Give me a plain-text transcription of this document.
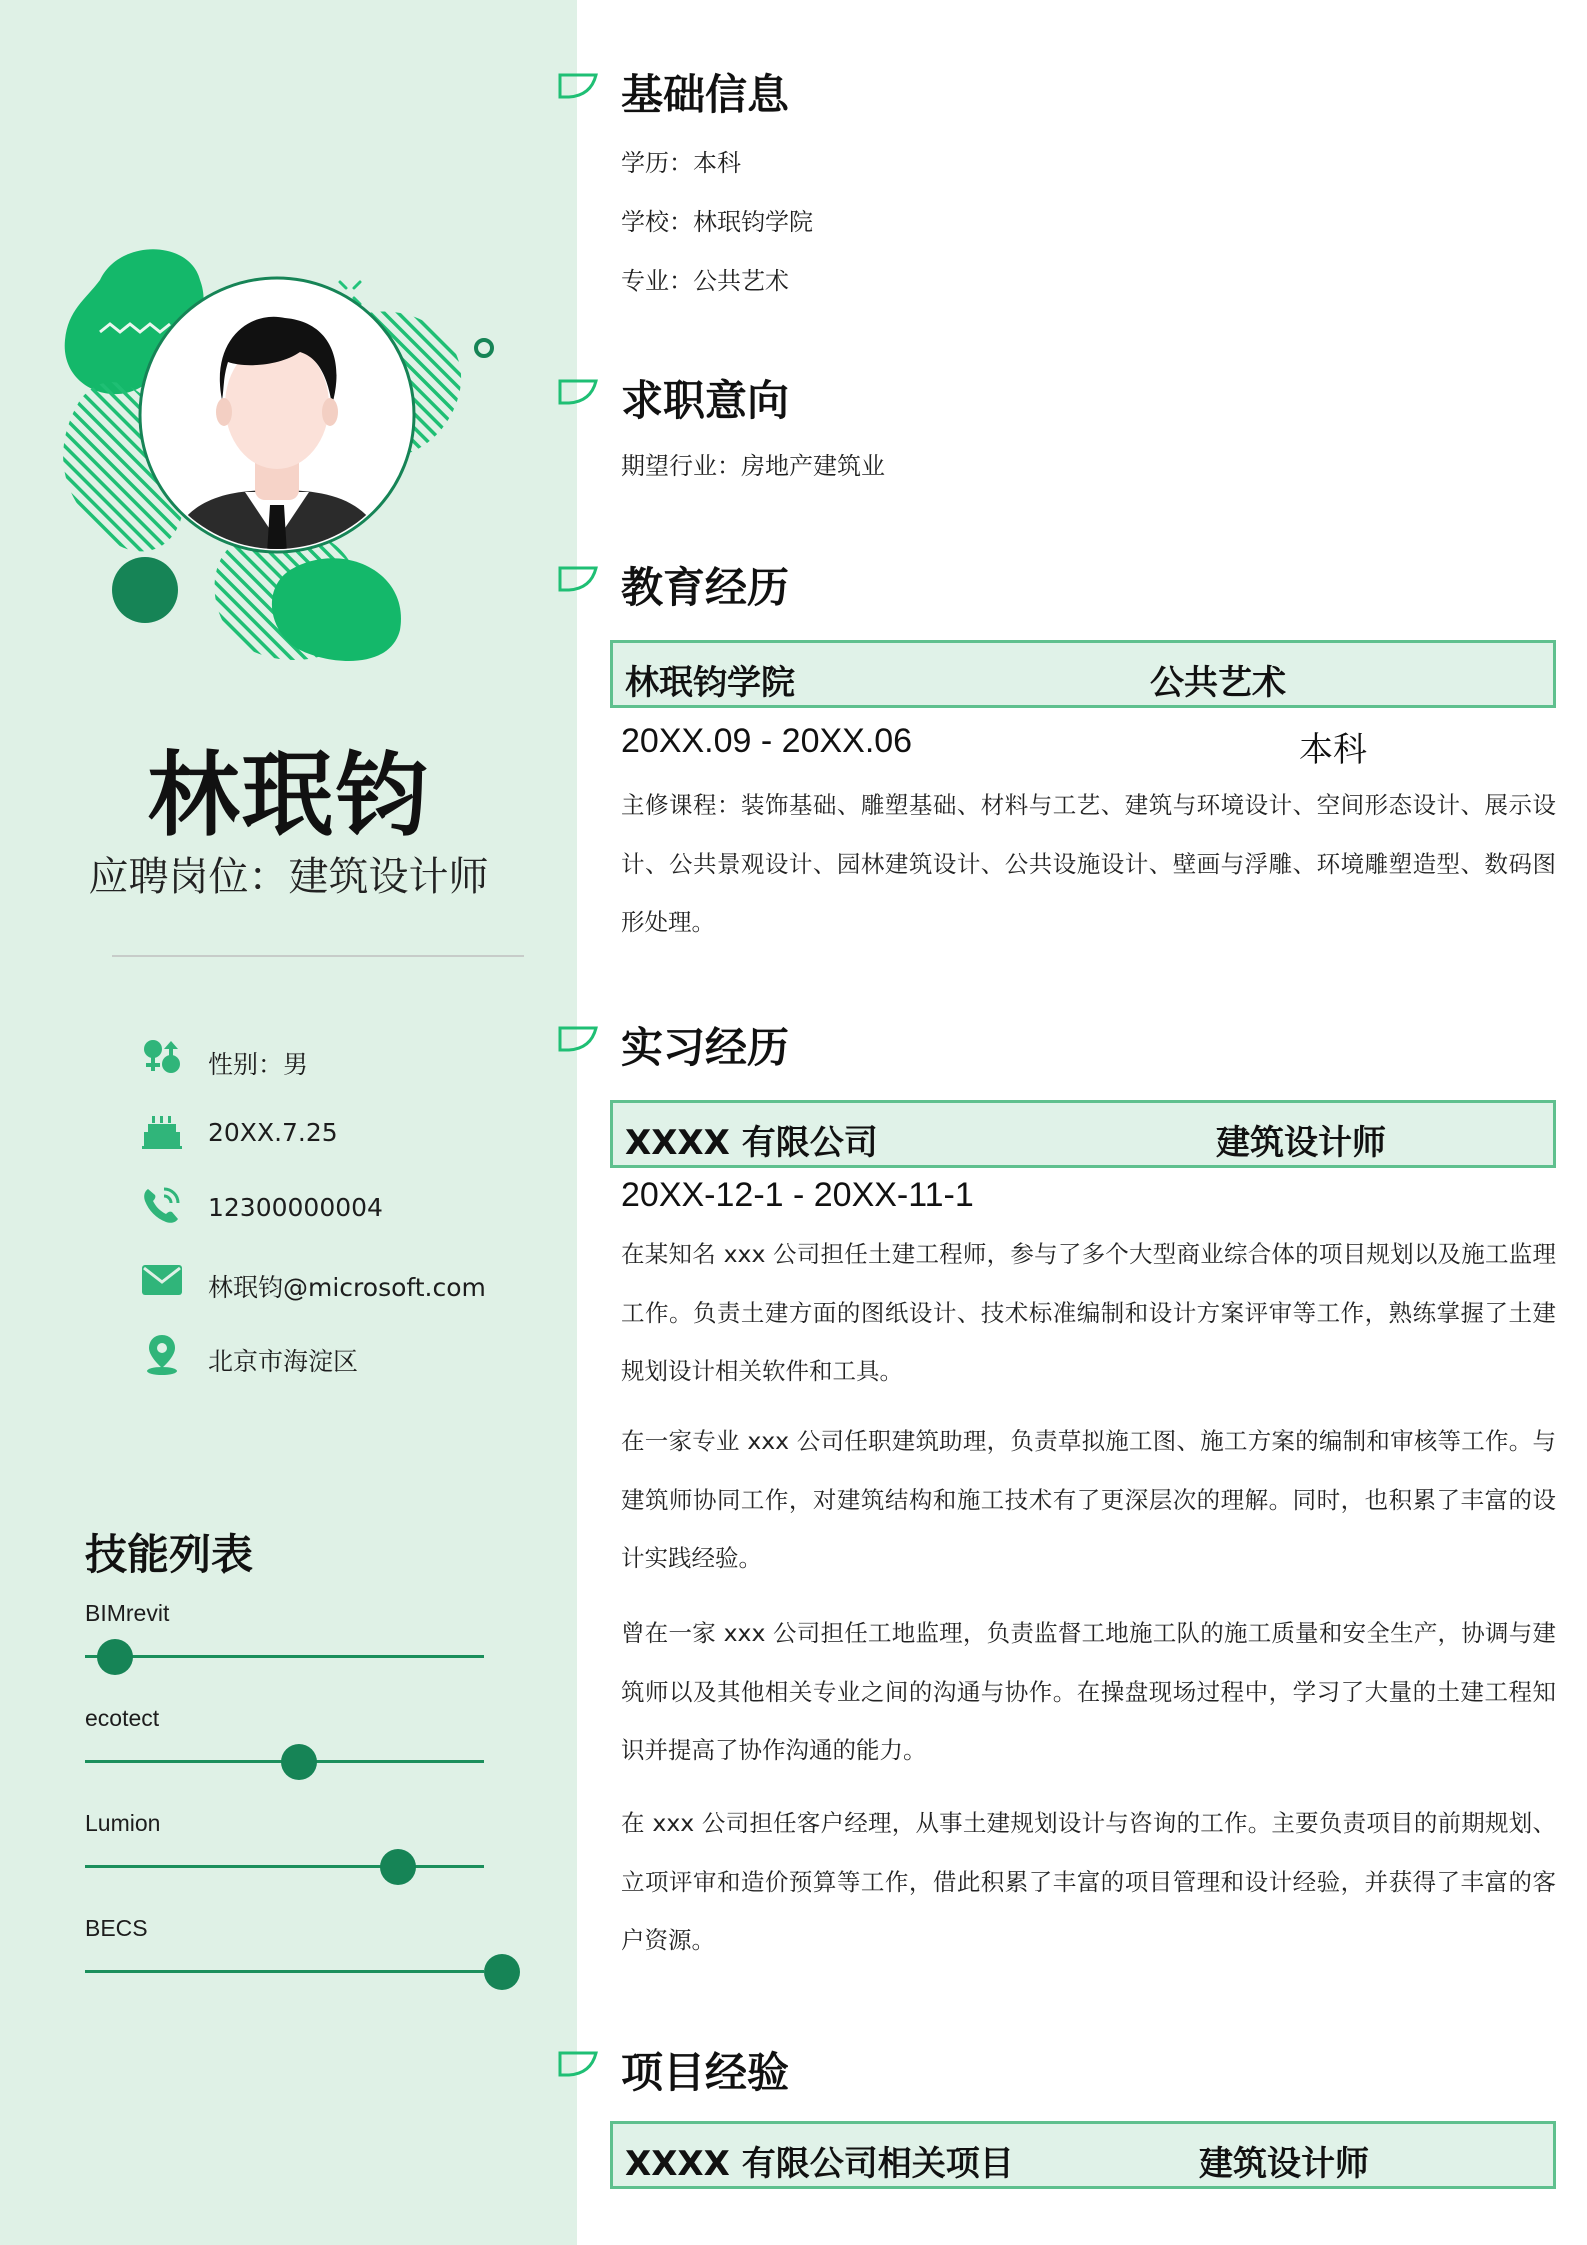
林珉钧
应聘岗位：建筑设计师
性别：男
20XX.7.25
12300000004
林珉钧@microsoft.com
北京市海淀区
技能列表
BIMrevit
ecotect
Lumion
BECS
基础信息
学历：本科
学校：林珉钧学院
专业：公共艺术
求职意向
期望行业：房地产建筑业
教育经历
林珉钧学院	公共艺术
20XX.09 - 20XX.06	本科

主修课程：装饰基础、雕塑基础、材料与工艺、建筑与环境设计、空间形态设计、展示设计、公共景观设计、园林建筑设计、公共设施设计、壁画与浮雕、环境雕塑造型、数码图形处理。

实习经历
XXXX 有限公司	建筑设计师
20XX-12-1 - 20XX-11-1

在某知名 xxx 公司担任土建工程师，参与了多个大型商业综合体的项目规划以及施工监理工作。负责土建方面的图纸设计、技术标准编制和设计方案评审等工作，熟练掌握了土建规划设计相关软件和工具。

在一家专业 xxx 公司任职建筑助理，负责草拟施工图、施工方案的编制和审核等工作。与建筑师协同工作，对建筑结构和施工技术有了更深层次的理解。同时，也积累了丰富的设计实践经验。

曾在一家 xxx 公司担任工地监理，负责监督工地施工队的施工质量和安全生产，协调与建筑师以及其他相关专业之间的沟通与协作。在操盘现场过程中，学习了大量的土建工程知识并提高了协作沟通的能力。

在 xxx 公司担任客户经理，从事土建规划设计与咨询的工作。主要负责项目的前期规划、立项评审和造价预算等工作，借此积累了丰富的项目管理和设计经验，并获得了丰富的客户资源。

项目经验
XXXX 有限公司相关项目	建筑设计师
